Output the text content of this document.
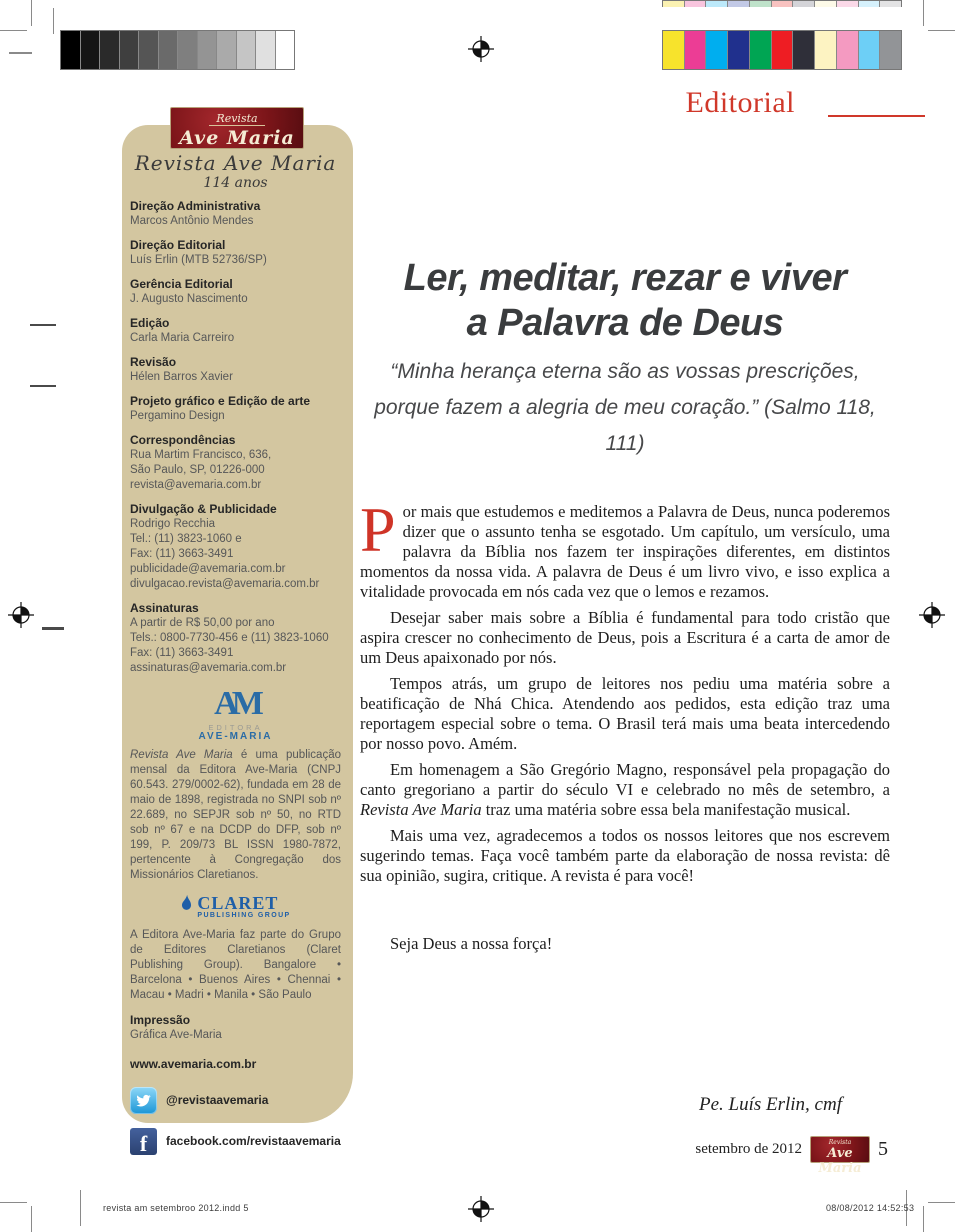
Revista
Ave Maria
Revista Ave Maria
114 anos
Direção Administrativa
Marcos Antônio Mendes
Direção Editorial
Luís Erlin (MTB 52736/SP)
Gerência Editorial
J. Augusto Nascimento
Edição
Carla Maria Carreiro
Revisão
Hélen Barros Xavier
Projeto gráfico e Edição de arte
Pergamino Design
Correspondências
Rua Martim Francisco, 636,
São Paulo, SP, 01226-000
revista@avemaria.com.br
Divulgação & Publicidade
Rodrigo Recchia
Tel.: (11) 3823-1060 e
Fax: (11) 3663-3491
publicidade@avemaria.com.br
divulgacao.revista@avemaria.com.br
Assinaturas
A partir de R$ 50,00 por ano
Tels.: 0800-7730-456 e (11) 3823-1060
Fax: (11) 3663-3491
assinaturas@avemaria.com.br
AM
EDITORA
AVE-MARIA
Revista Ave Maria é uma publicação mensal da Editora Ave-Maria (CNPJ 60.543. 279/0002-62), fundada em 28 de maio de 1898, registrada no SNPI sob nº 22.689, no SEPJR sob nº 50, no RTD sob nº 67 e na DCDP do DFP, sob nº 199, P. 209/73 BL ISSN 1980-7872, pertencente à Congregação dos Missionários Claretianos.
CLARET
PUBLISHING GROUP
A Editora Ave-Maria faz parte do Grupo de Editores Claretianos (Claret Publishing Group). Bangalore • Barcelona • Buenos Aires • Chennai • Macau • Madri • Manila • São Paulo
Impressão
Gráfica Ave-Maria
www.avemaria.com.br
@revistaavemaria
f	facebook.com/revistaavemaria
Editorial
Ler, meditar, rezar e viver
a Palavra de Deus
“Minha herança eterna são as vossas prescrições,
porque fazem a alegria de meu coração.” (Salmo 118, 111)

Por mais que estudemos e meditemos a Palavra de Deus, nunca poderemos dizer que o assunto tenha se esgotado. Um capítulo, um versículo, uma palavra da Bíblia nos fazem ter inspirações diferentes, em distintos momentos da nossa vida. A palavra de Deus é um livro vivo, e isso explica a vitalidade provocada em nós cada vez que o lemos e rezamos.

Desejar saber mais sobre a Bíblia é fundamental para todo cristão que aspira crescer no conhecimento de Deus, pois a Escritura é a carta de amor de um Deus apaixonado por nós.

Tempos atrás, um grupo de leitores nos pediu uma matéria sobre a beatificação de Nhá Chica. Atendendo aos pedidos, esta edição traz uma reportagem especial sobre o tema. O Brasil terá mais uma beata intercedendo por nosso povo. Amém.

Em homenagem a São Gregório Magno, responsável pela propagação do canto gregoriano a partir do século VI e celebrado no mês de setembro, a Revista Ave Maria traz uma matéria sobre essa bela manifestação musical.

Mais uma vez, agradecemos a todos os nossos leitores que nos escrevem sugerindo temas. Faça você também parte da elaboração de nossa revista: dê sua opinião, sugira, critique. A revista é para você!

Seja Deus a nossa força!
Pe. Luís Erlin, cmf
setembro de 2012	Revista
Ave Maria
5
revista am setembroo 2012.indd 5	08/08/2012 14:52:53
